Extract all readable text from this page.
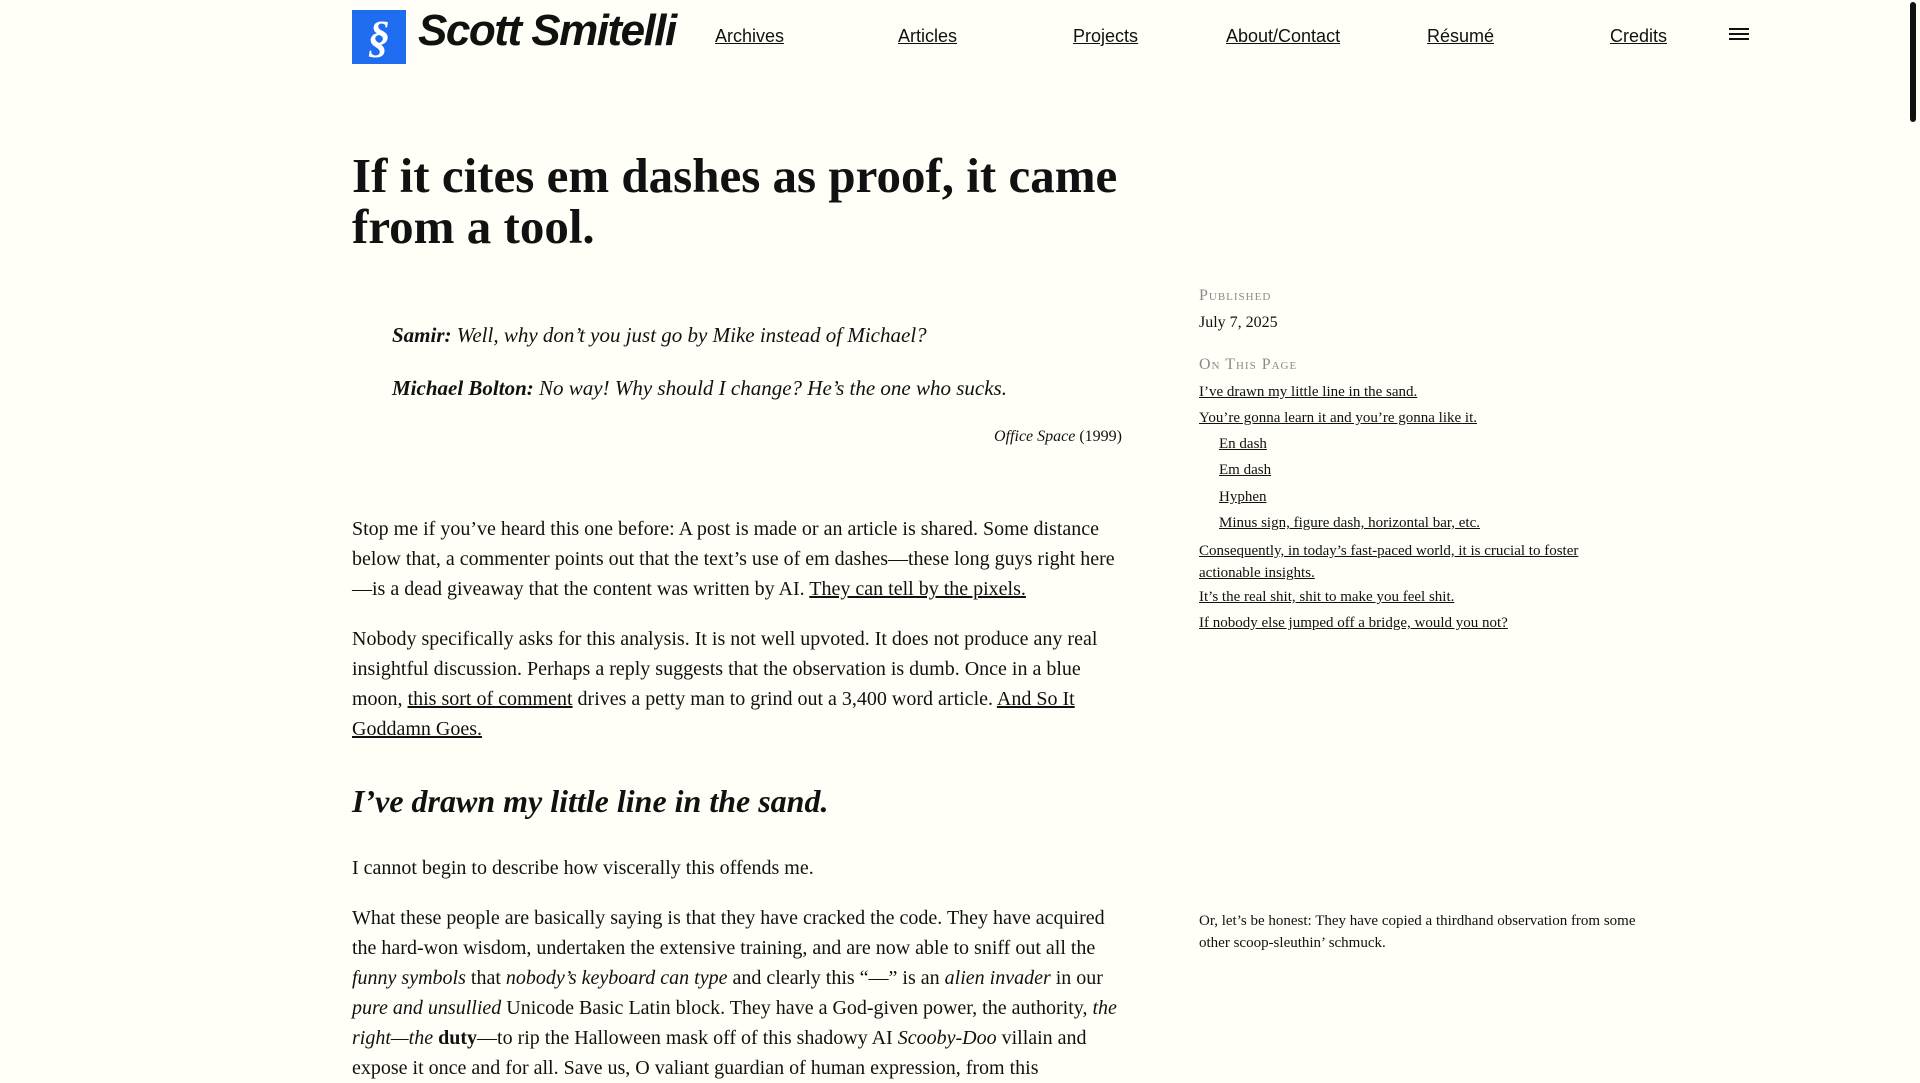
§ Scott Smitelli Archives	Articles	Projects	About/Contact	Résumé	Credits
If it cites em dashes as proof, it came from a tool.

Samir: Well, why don’t you just go by Mike instead of Michael?

Michael Bolton: No way! Why should I change? He’s the one who sucks.

Office Space (1999)

Stop me if you’ve heard this one before: A post is made or an article is shared. Some distance below that, a commenter points out that the text’s use of em dashes—these long guys right here—is a dead giveaway that the content was written by AI. They can tell by the pixels.

Nobody specifically asks for this analysis. It is not well upvoted. It does not produce any real insightful discussion. Perhaps a reply suggests that the observation is dumb. Once in a blue moon, this sort of comment drives a petty man to grind out a 3,400 word article. And So It Goddamn Goes.

I’ve drawn my little line in the sand.

I cannot begin to describe how viscerally this offends me.

What these people are basically saying is that they have cracked the code. They have acquired the hard-won wisdom, undertaken the extensive training, and are now able to sniff out all the funny symbols that nobody’s keyboard can type and clearly this “—” is an alien invader in our pure and unsullied Unicode Basic Latin block. They have a God-given power, the authority, the right—the duty—to rip the Halloween mask off of this shadowy AI Scooby-Doo villain and expose it once and for all. Save us, O valiant guardian of human expression, from this

Published
July 7, 2025
On This Page
I’ve drawn my little line in the sand.
You’re gonna learn it and you’re gonna like it.
En dash
Em dash
Hyphen
Minus sign, figure dash, horizontal bar, etc.
Consequently, in today’s fast-paced world, it is crucial to foster actionable insights.
It’s the real shit, shit to make you feel shit.
If nobody else jumped off a bridge, would you not?
Or, let’s be honest: They have copied a thirdhand observation from some other scoop-sleuthin’ schmuck.
